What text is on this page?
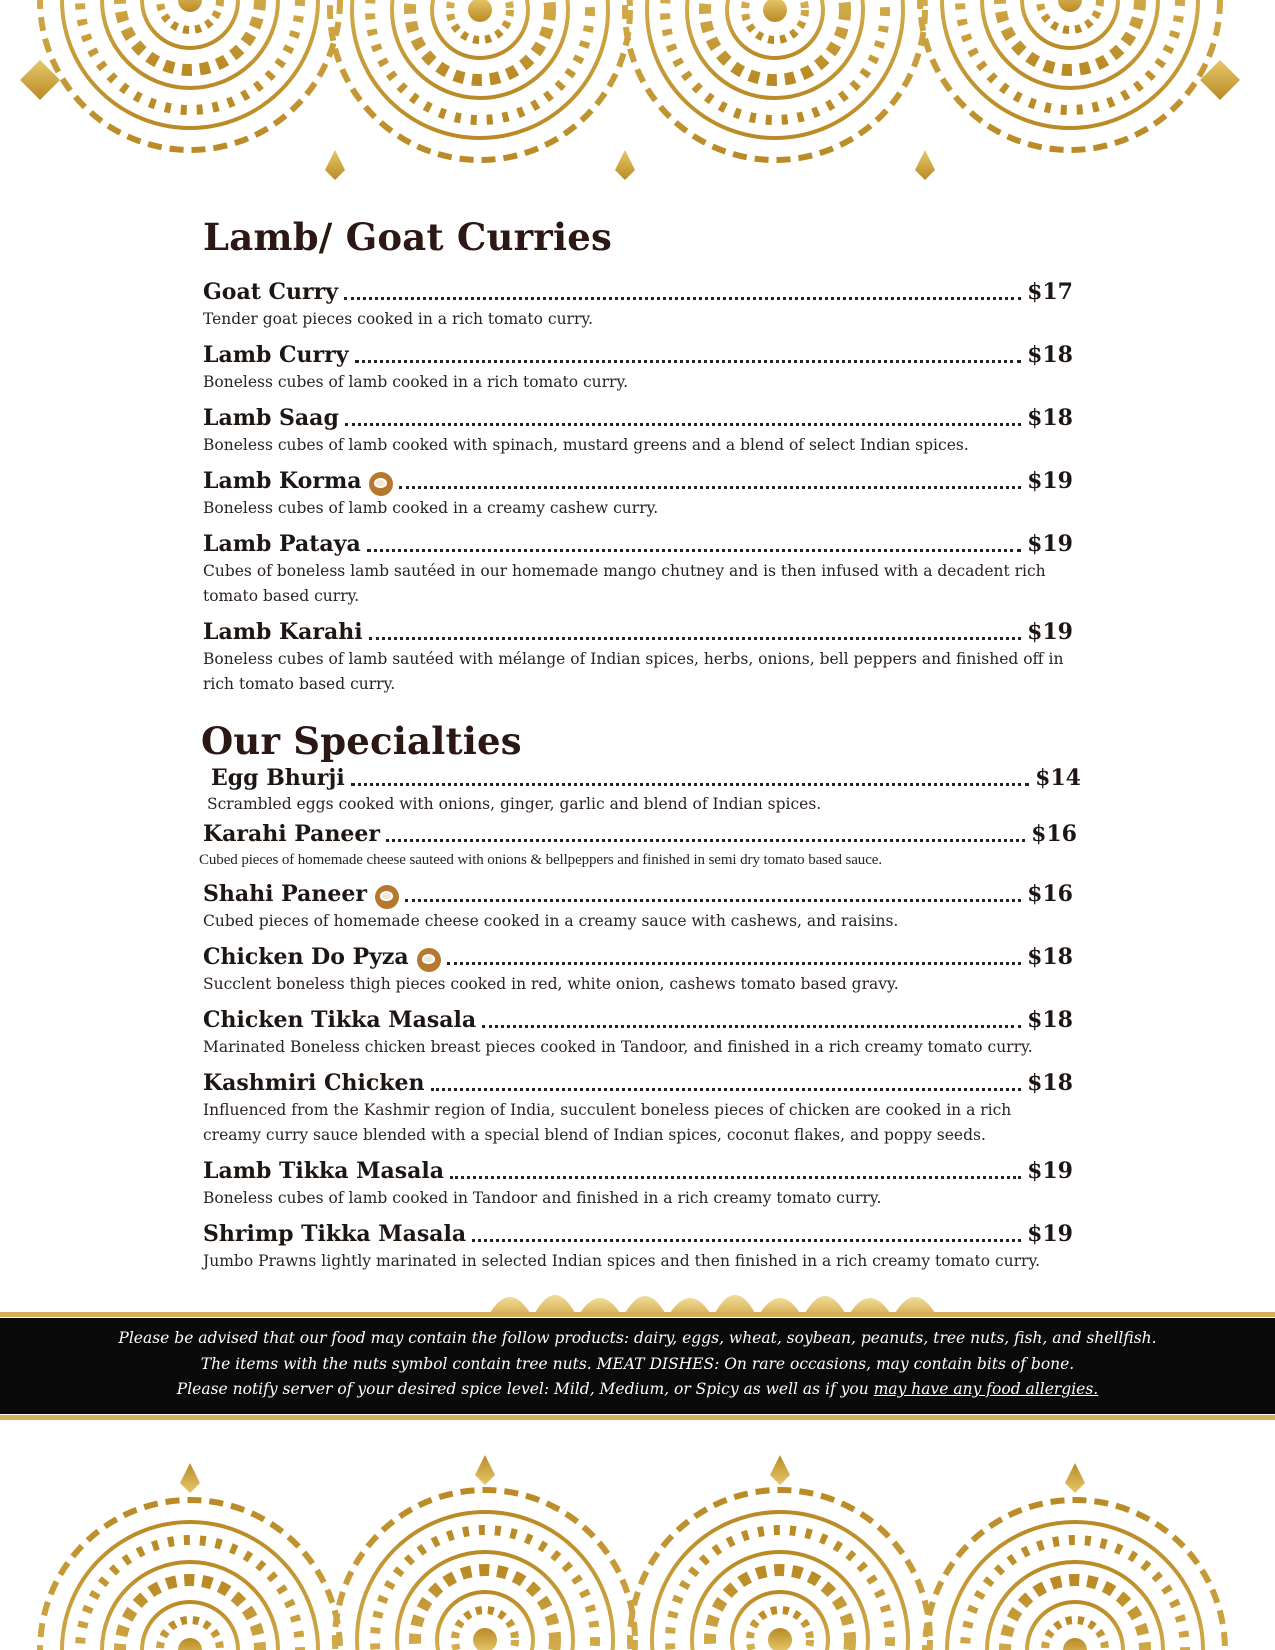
Lamb/ Goat Curries
Goat Curry	$17
Tender goat pieces cooked in a rich tomato curry.
Lamb Curry	$18
Boneless cubes of lamb cooked in a rich tomato curry.
Lamb Saag	$18
Boneless cubes of lamb cooked with spinach, mustard greens and a blend of select Indian spices.
Lamb Korma	$19
Boneless cubes of lamb cooked in a creamy cashew curry.
Lamb Pataya	$19
Cubes of boneless lamb sautéed in our homemade mango chutney and is then infused with a decadent rich tomato based curry.
Lamb Karahi	$19
Boneless cubes of lamb sautéed with mélange of Indian spices, herbs, onions, bell peppers and finished off in rich tomato based curry.
Our Specialties
Egg Bhurji	$14
Scrambled eggs cooked with onions, ginger, garlic and blend of Indian spices.
Karahi Paneer	$16
Cubed pieces of homemade cheese sauteed with onions & bellpeppers and finished in semi dry tomato based sauce.
Shahi Paneer	$16
Cubed pieces of homemade cheese cooked in a creamy sauce with cashews, and raisins.
Chicken Do Pyza	$18
Succlent boneless thigh pieces cooked in red, white onion, cashews tomato based gravy.
Chicken Tikka Masala	$18
Marinated Boneless chicken breast pieces cooked in Tandoor, and finished in a rich creamy tomato curry.
Kashmiri Chicken	$18
Influenced from the Kashmir region of India, succulent boneless pieces of chicken are cooked in a rich creamy curry sauce blended with a special blend of Indian spices, coconut flakes, and poppy seeds.
Lamb Tikka Masala	$19
Boneless cubes of lamb cooked in Tandoor and finished in a rich creamy tomato curry.
Shrimp Tikka Masala	$19
Jumbo Prawns lightly marinated in selected Indian spices and then finished in a rich creamy tomato curry.
Please be advised that our food may contain the follow products: dairy, eggs, wheat, soybean, peanuts, tree nuts, fish, and shellfish.
The items with the nuts symbol contain tree nuts. MEAT DISHES: On rare occasions, may contain bits of bone.
Please notify server of your desired spice level: Mild, Medium, or Spicy as well as if you may have any food allergies.
